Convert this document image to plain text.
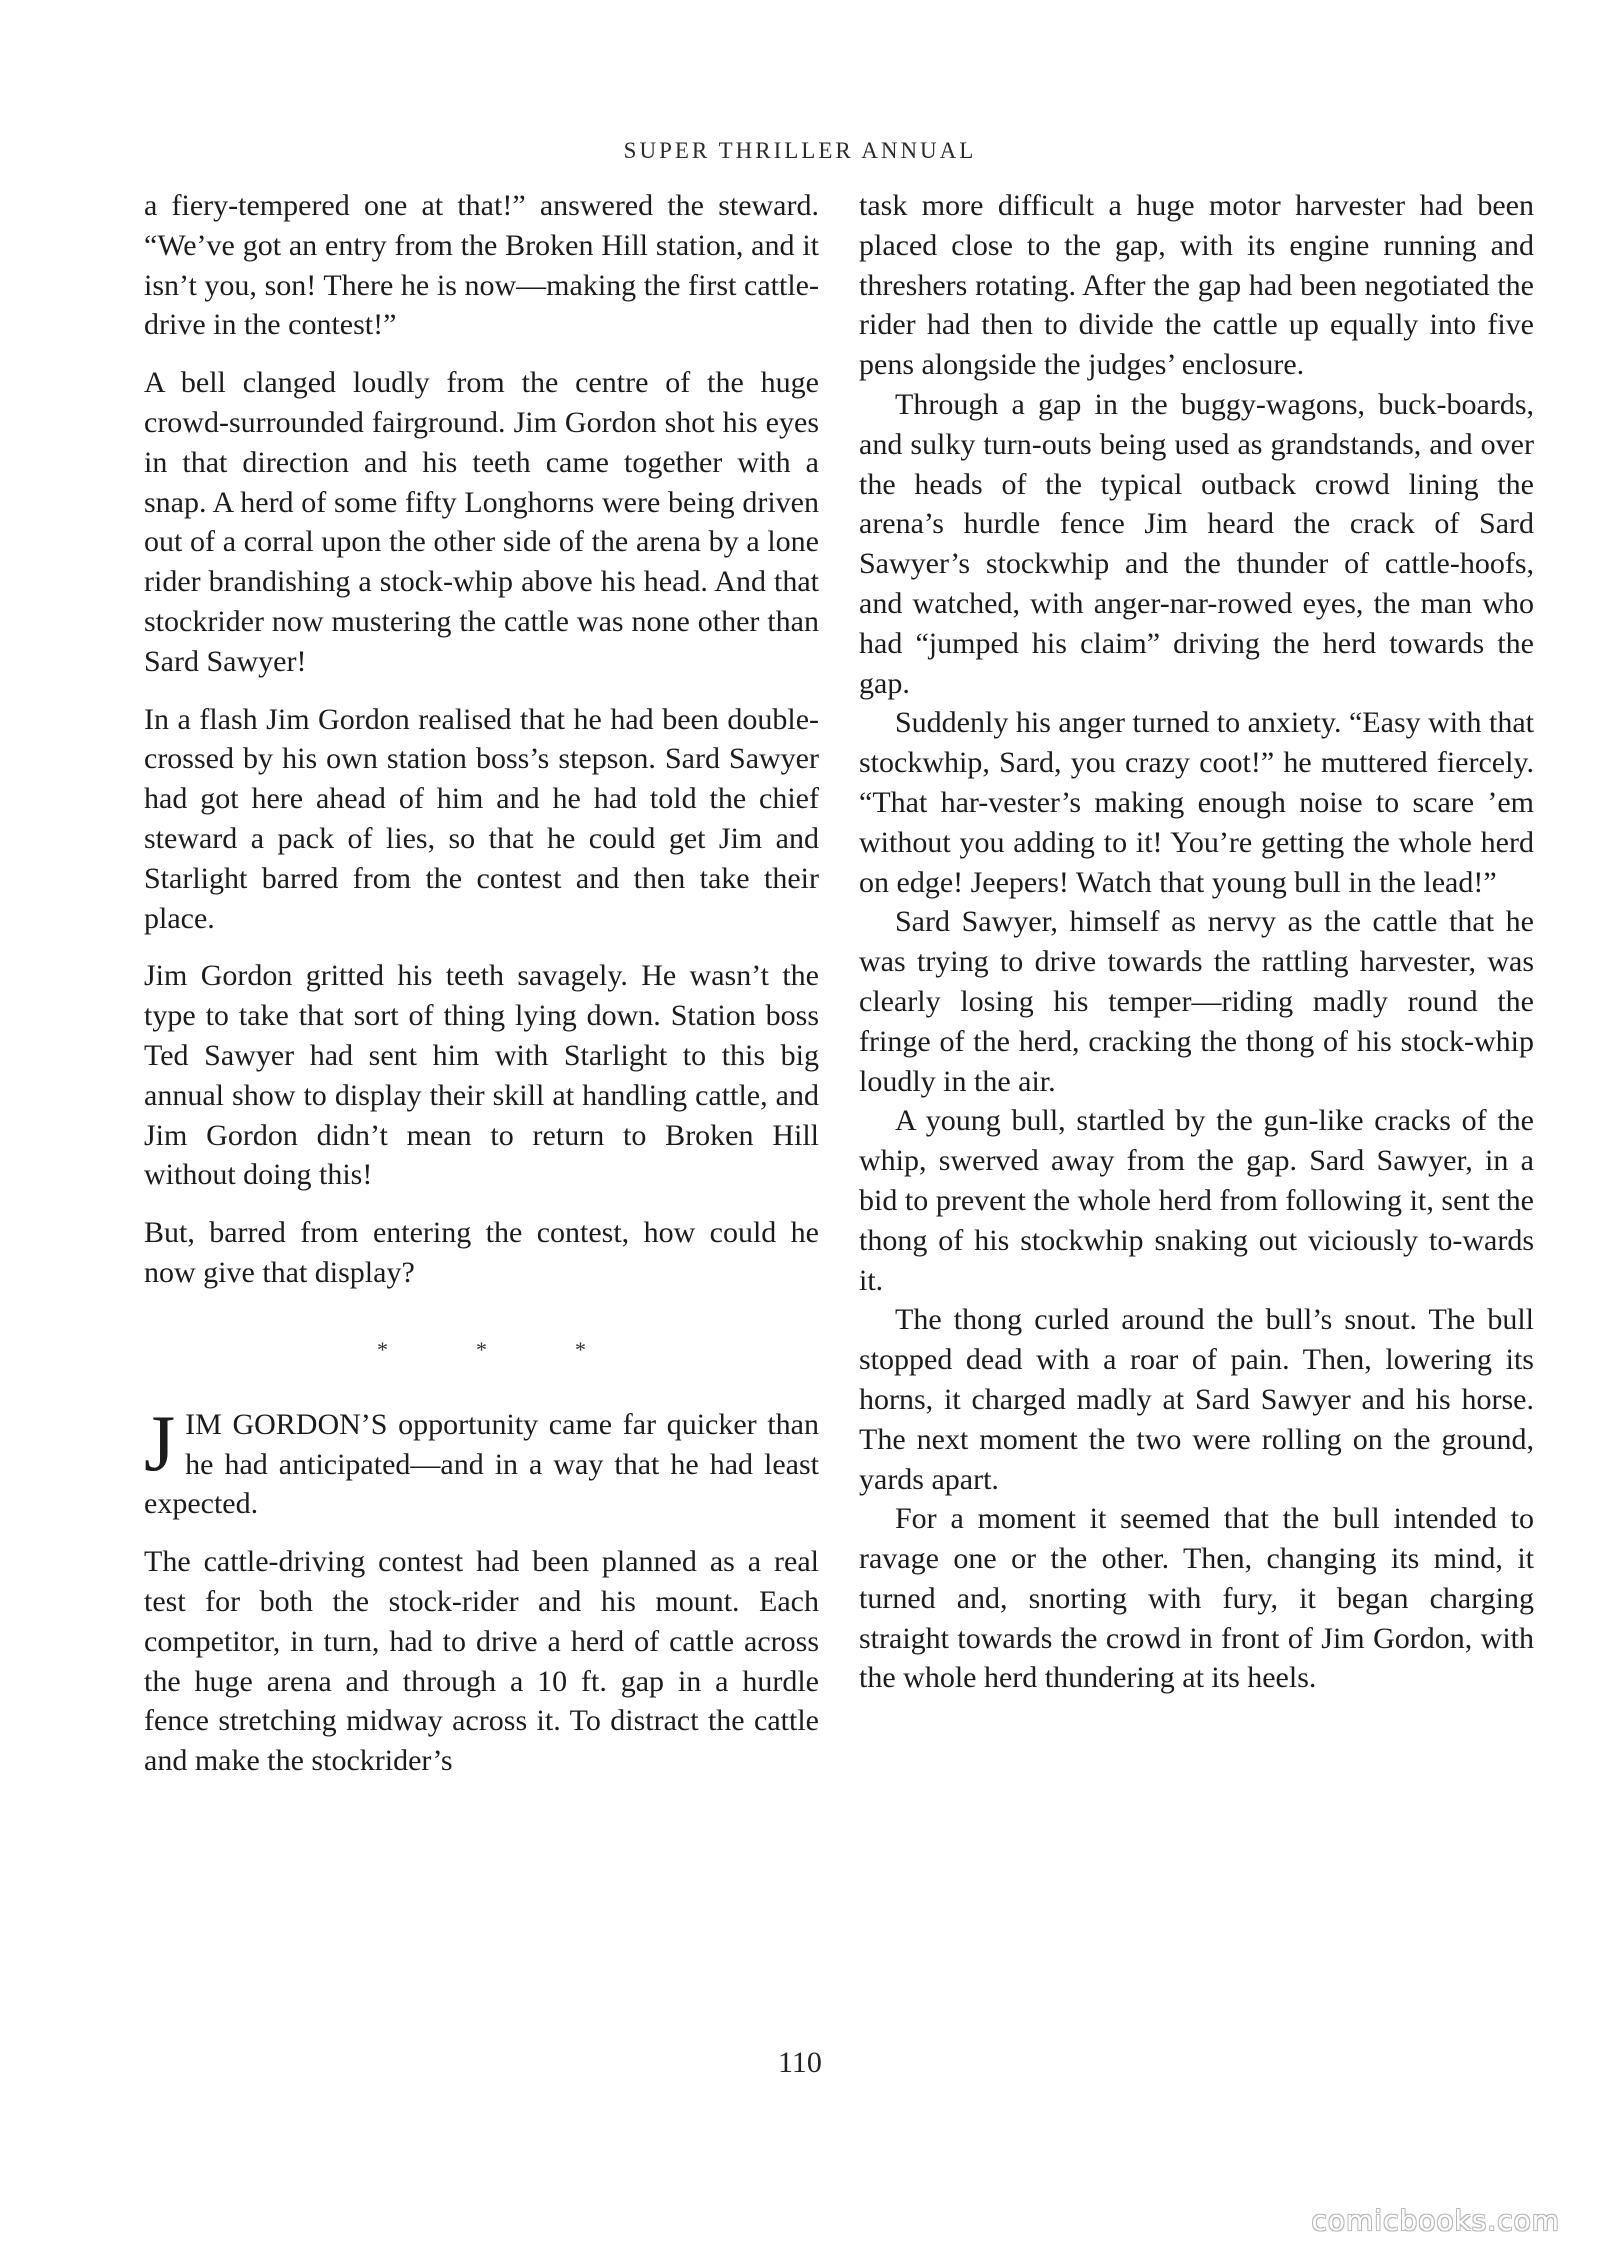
SUPER THRILLER ANNUAL

a fiery-tempered one at that!” answered the steward. “We’ve got an entry from the Broken Hill station, and it isn’t you, son! There he is now—making the first cattle-drive in the contest!”

A bell clanged loudly from the centre of the huge crowd-surrounded fairground. Jim Gordon shot his eyes in that direction and his teeth came together with a snap. A herd of some fifty Longhorns were being driven out of a corral upon the other side of the arena by a lone rider brandishing a stock-whip above his head. And that stockrider now mustering the cattle was none other than Sard Sawyer!

In a flash Jim Gordon realised that he had been double-crossed by his own station boss’s stepson. Sard Sawyer had got here ahead of him and he had told the chief steward a pack of lies, so that he could get Jim and Starlight barred from the contest and then take their place.

Jim Gordon gritted his teeth savagely. He wasn’t the type to take that sort of thing lying down. Station boss Ted Sawyer had sent him with Starlight to this big annual show to display their skill at handling cattle, and Jim Gordon didn’t mean to return to Broken Hill without doing this!

But, barred from entering the contest, how could he now give that display?

*	*	*

JIM GORDON’S opportunity came far quicker than he had anticipated—and in a way that he had least expected.

The cattle-driving contest had been planned as a real test for both the stock-rider and his mount. Each competitor, in turn, had to drive a herd of cattle across the huge arena and through a 10 ft. gap in a hurdle fence stretching midway across it. To distract the cattle and make the stockrider’s

task more difficult a huge motor harvester had been placed close to the gap, with its engine running and threshers rotating. After the gap had been negotiated the rider had then to divide the cattle up equally into five pens alongside the judges’ enclosure.

Through a gap in the buggy-wagons, buck-boards, and sulky turn-outs being used as grandstands, and over the heads of the typical outback crowd lining the arena’s hurdle fence Jim heard the crack of Sard Sawyer’s stockwhip and the thunder of cattle-hoofs, and watched, with anger-nar-rowed eyes, the man who had “jumped his claim” driving the herd towards the gap.

Suddenly his anger turned to anxiety. “Easy with that stockwhip, Sard, you crazy coot!” he muttered fiercely. “That har-vester’s making enough noise to scare ’em without you adding to it! You’re getting the whole herd on edge! Jeepers! Watch that young bull in the lead!”

Sard Sawyer, himself as nervy as the cattle that he was trying to drive towards the rattling harvester, was clearly losing his temper—riding madly round the fringe of the herd, cracking the thong of his stock-whip loudly in the air.

A young bull, startled by the gun-like cracks of the whip, swerved away from the gap. Sard Sawyer, in a bid to prevent the whole herd from following it, sent the thong of his stockwhip snaking out viciously to-wards it.

The thong curled around the bull’s snout. The bull stopped dead with a roar of pain. Then, lowering its horns, it charged madly at Sard Sawyer and his horse. The next moment the two were rolling on the ground, yards apart.

For a moment it seemed that the bull intended to ravage one or the other. Then, changing its mind, it turned and, snorting with fury, it began charging straight towards the crowd in front of Jim Gordon, with the whole herd thundering at its heels.

110
comicbooks.com
